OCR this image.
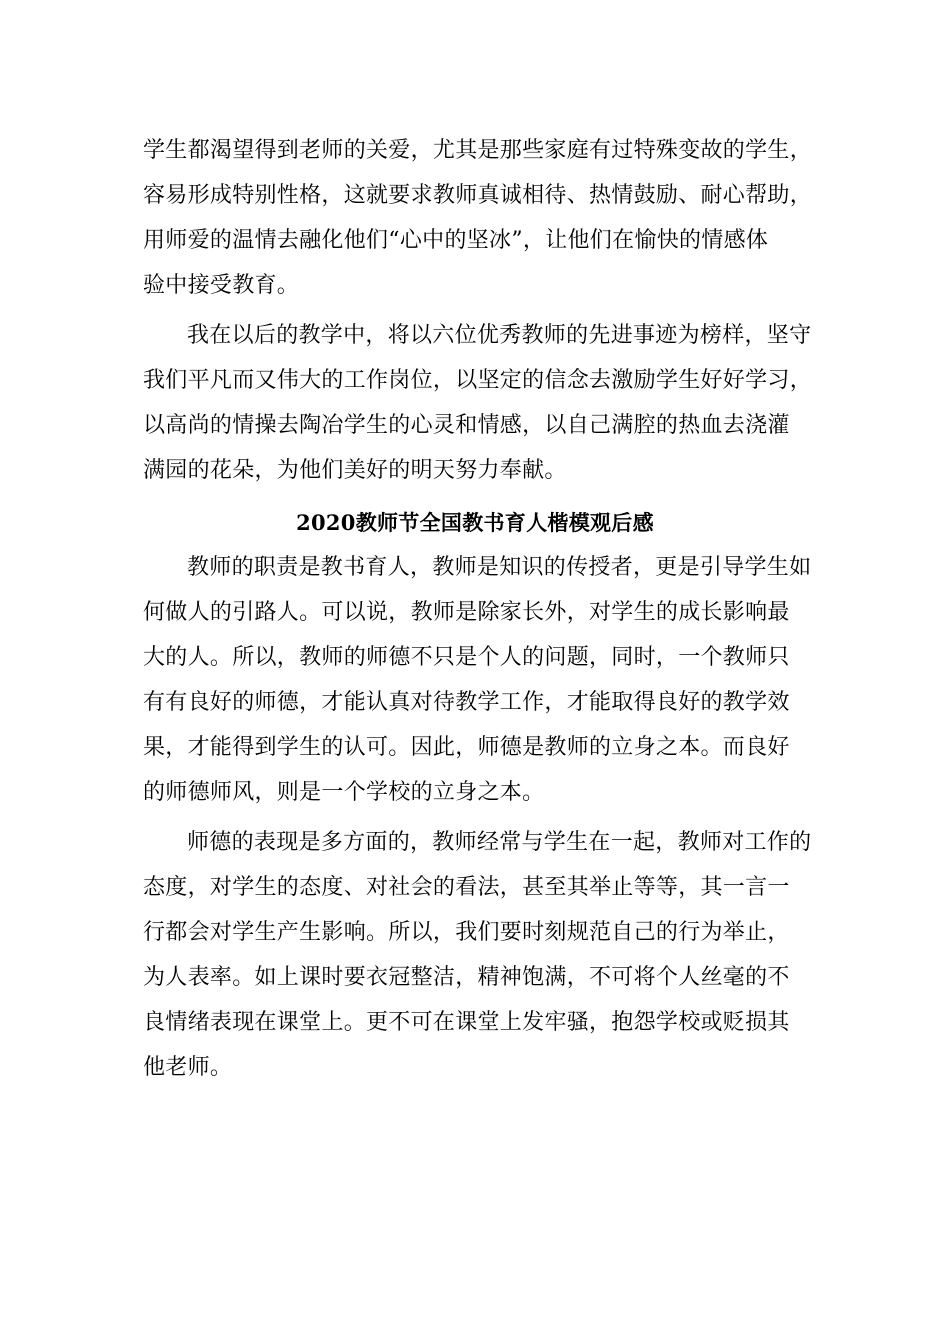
学生都渴望得到老师的关爱，尤其是那些家庭有过特殊变故的学生，
容易形成特别性格，这就要求教师真诚相待、热情鼓励、耐心帮助，
用师爱的温情去融化他们“心中的坚冰”，让他们在愉快的情感体
验中接受教育。
我在以后的教学中，将以六位优秀教师的先进事迹为榜样，坚守
我们平凡而又伟大的工作岗位，以坚定的信念去激励学生好好学习，
以高尚的情操去陶冶学生的心灵和情感，以自己满腔的热血去浇灌
满园的花朵，为他们美好的明天努力奉献。
2020教师节全国教书育人楷模观后感
教师的职责是教书育人，教师是知识的传授者，更是引导学生如
何做人的引路人。可以说，教师是除家长外，对学生的成长影响最
大的人。所以，教师的师德不只是个人的问题，同时，一个教师只
有有良好的师德，才能认真对待教学工作，才能取得良好的教学效
果，才能得到学生的认可。因此，师德是教师的立身之本。而良好
的师德师风，则是一个学校的立身之本。
师德的表现是多方面的，教师经常与学生在一起，教师对工作的
态度，对学生的态度、对社会的看法，甚至其举止等等，其一言一
行都会对学生产生影响。所以，我们要时刻规范自己的行为举止，
为人表率。如上课时要衣冠整洁，精神饱满，不可将个人丝毫的不
良情绪表现在课堂上。更不可在课堂上发牢骚，抱怨学校或贬损其
他老师。
